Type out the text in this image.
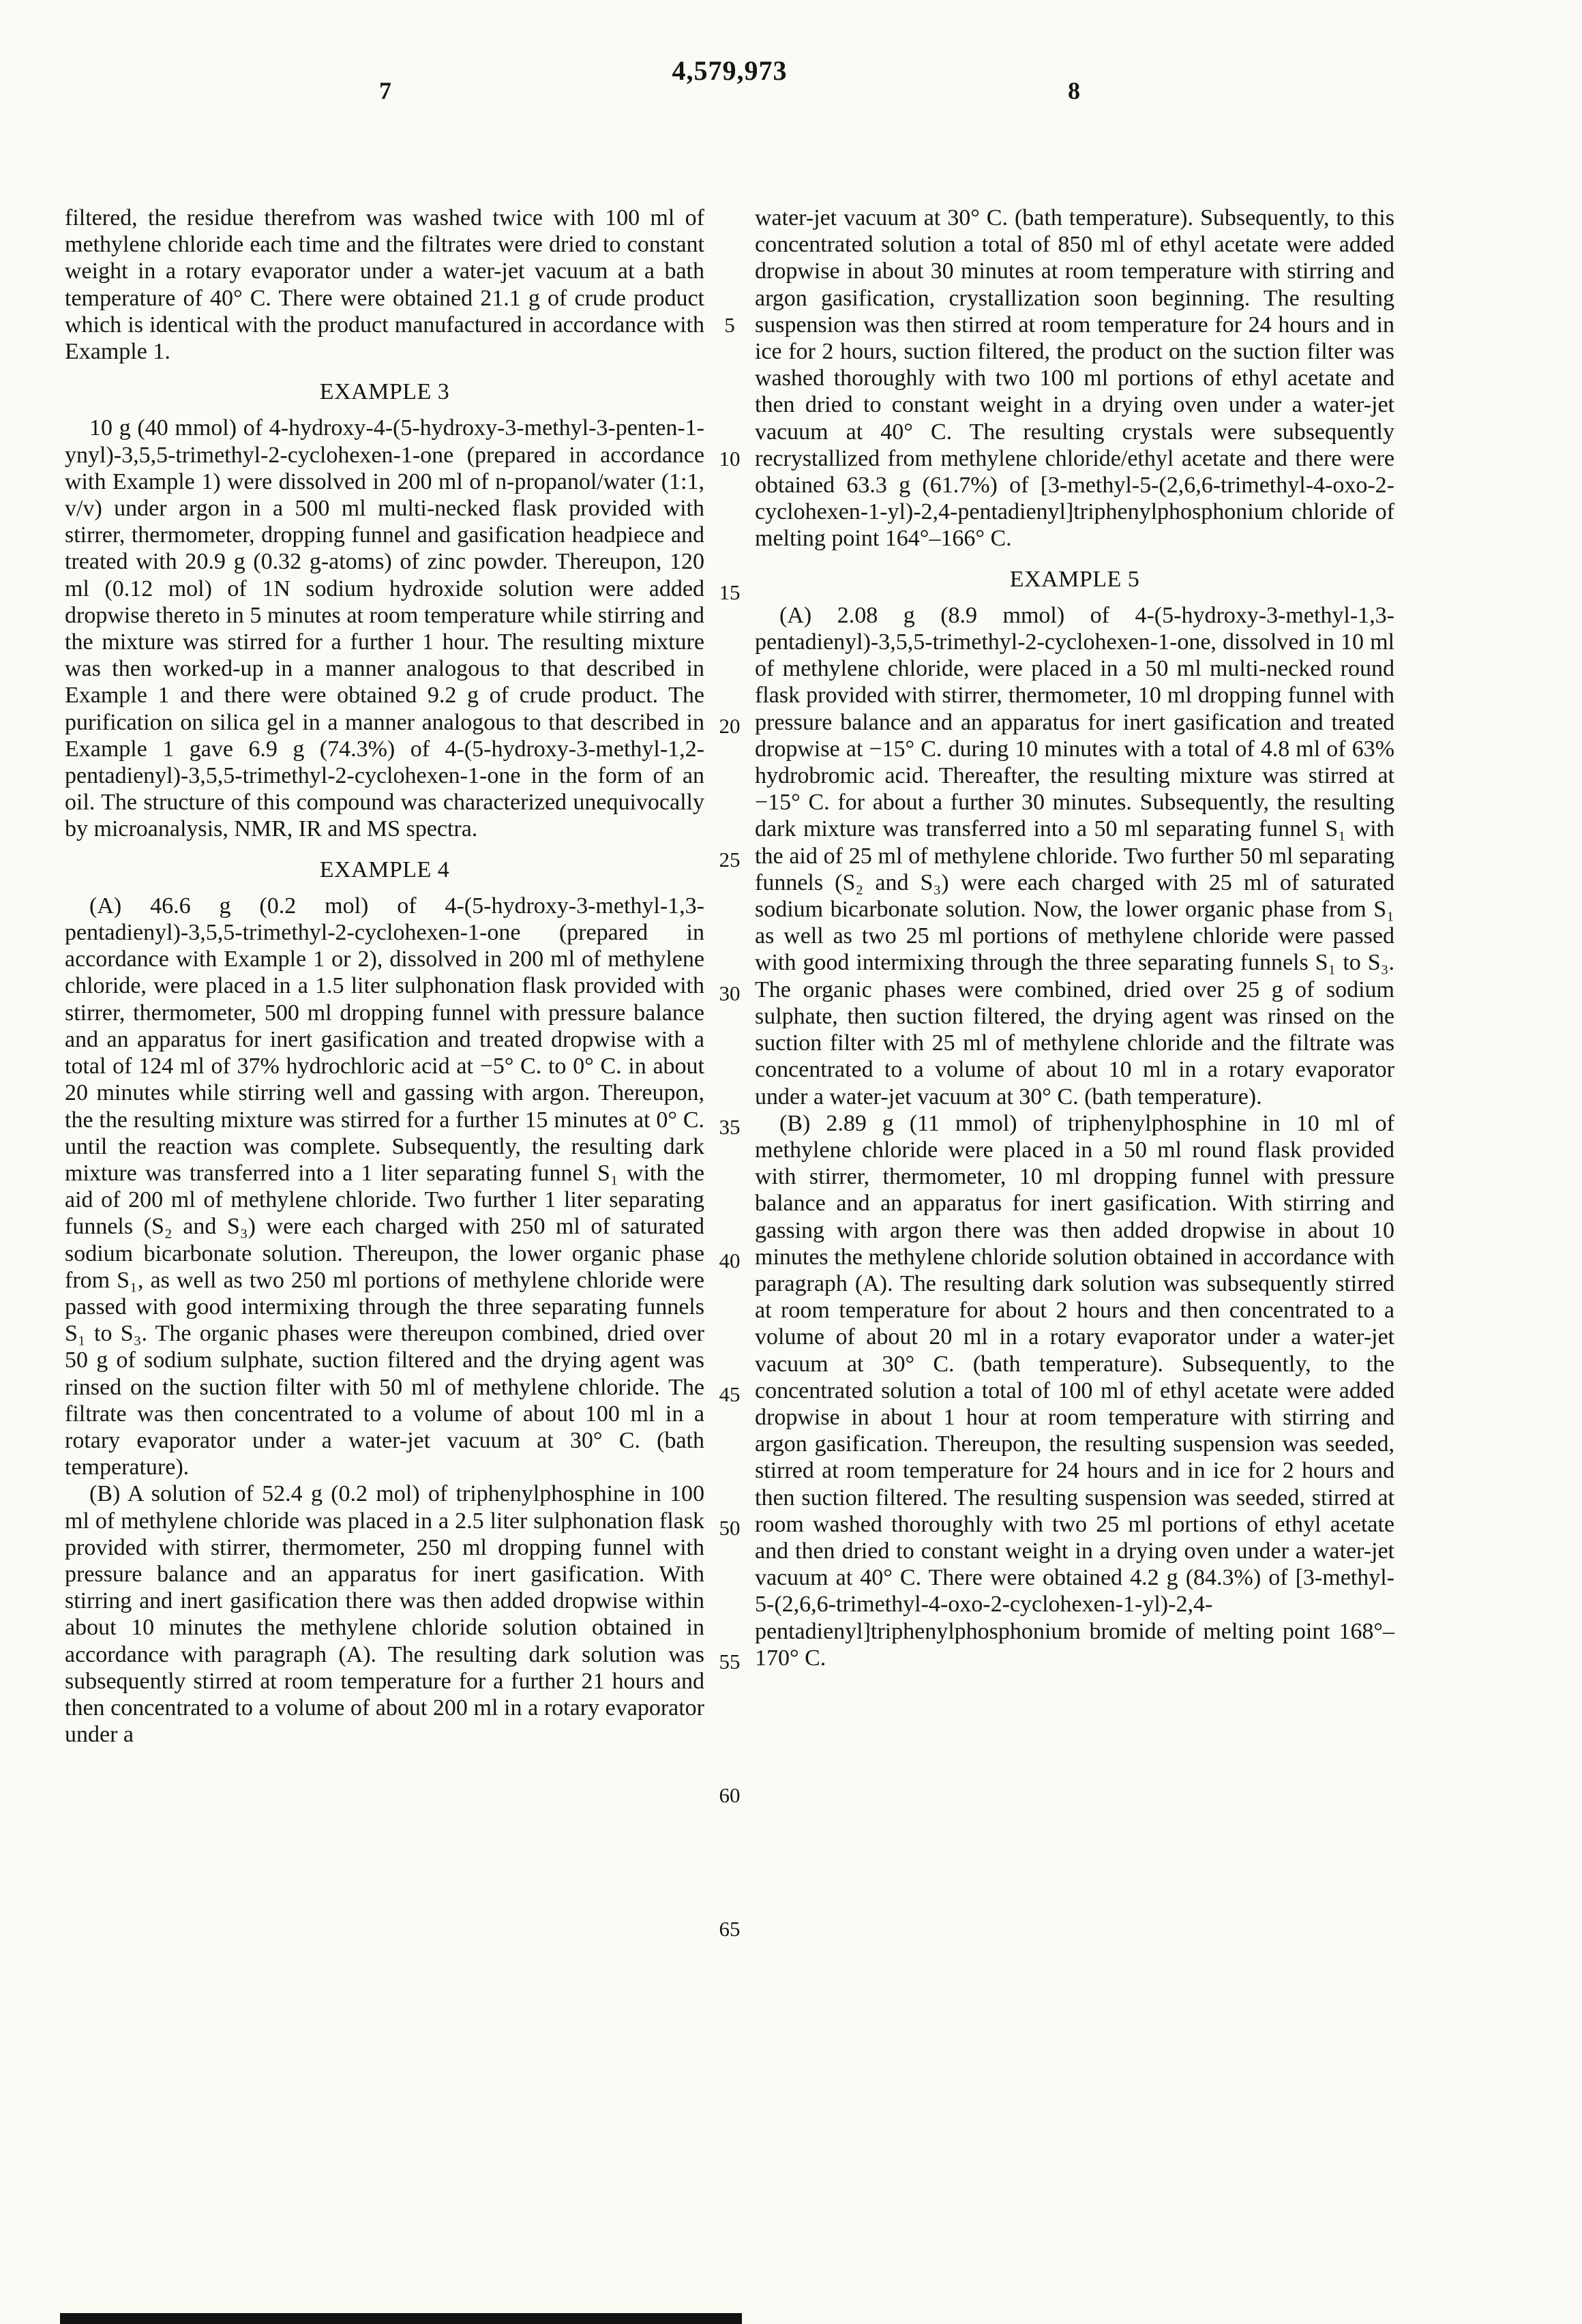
4,579,973
7	8

filtered, the residue therefrom was washed twice with 100 ml of methylene chloride each time and the filtrates were dried to constant weight in a rotary evaporator under a water-jet vacuum at a bath temperature of 40° C. There were obtained 21.1 g of crude product which is identical with the product manufactured in accordance with Example 1.

EXAMPLE 3

10 g (40 mmol) of 4-hydroxy-4-(5-hydroxy-3-methyl-3-penten-1-ynyl)-3,5,5-trimethyl-2-cyclohexen-1-one (prepared in accordance with Example 1) were dissolved in 200 ml of n-propanol/water (1:1, v/v) under argon in a 500 ml multi-necked flask provided with stirrer, thermometer, dropping funnel and gasification headpiece and treated with 20.9 g (0.32 g-atoms) of zinc powder. Thereupon, 120 ml (0.12 mol) of 1N sodium hydroxide solution were added dropwise thereto in 5 minutes at room temperature while stirring and the mixture was stirred for a further 1 hour. The resulting mixture was then worked-up in a manner analogous to that described in Example 1 and there were obtained 9.2 g of crude product. The purification on silica gel in a manner analogous to that described in Example 1 gave 6.9 g (74.3%) of 4-(5-hydroxy-3-methyl-1,2-pentadienyl)-3,5,5-trimethyl-2-cyclohexen-1-one in the form of an oil. The structure of this compound was characterized unequivocally by microanalysis, NMR, IR and MS spectra.

EXAMPLE 4

(A) 46.6 g (0.2 mol) of 4-(5-hydroxy-3-methyl-1,3-pentadienyl)-3,5,5-trimethyl-2-cyclohexen-1-one (prepared in accordance with Example 1 or 2), dissolved in 200 ml of methylene chloride, were placed in a 1.5 liter sulphonation flask provided with stirrer, thermometer, 500 ml dropping funnel with pressure balance and an apparatus for inert gasification and treated dropwise with a total of 124 ml of 37% hydrochloric acid at −5° C. to 0° C. in about 20 minutes while stirring well and gassing with argon. Thereupon, the the resulting mixture was stirred for a further 15 minutes at 0° C. until the reaction was complete. Subsequently, the resulting dark mixture was transferred into a 1 liter separating funnel S₁ with the aid of 200 ml of methylene chloride. Two further 1 liter separating funnels (S₂ and S₃) were each charged with 250 ml of saturated sodium bicarbonate solution. Thereupon, the lower organic phase from S₁, as well as two 250 ml portions of methylene chloride were passed with good intermixing through the three separating funnels S₁ to S₃. The organic phases were thereupon combined, dried over 50 g of sodium sulphate, suction filtered and the drying agent was rinsed on the suction filter with 50 ml of methylene chloride. The filtrate was then concentrated to a volume of about 100 ml in a rotary evaporator under a water-jet vacuum at 30° C. (bath temperature).

(B) A solution of 52.4 g (0.2 mol) of triphenylphosphine in 100 ml of methylene chloride was placed in a 2.5 liter sulphonation flask provided with stirrer, thermometer, 250 ml dropping funnel with pressure balance and an apparatus for inert gasification. With stirring and inert gasification there was then added dropwise within about 10 minutes the methylene chloride solution obtained in accordance with paragraph (A). The resulting dark solution was subsequently stirred at room temperature for a further 21 hours and then concentrated to a volume of about 200 ml in a rotary evaporator under a

5
10
15
20
25
30
35
40
45
50
55
60
65

water-jet vacuum at 30° C. (bath temperature). Subsequently, to this concentrated solution a total of 850 ml of ethyl acetate were added dropwise in about 30 minutes at room temperature with stirring and argon gasification, crystallization soon beginning. The resulting suspension was then stirred at room temperature for 24 hours and in ice for 2 hours, suction filtered, the product on the suction filter was washed thoroughly with two 100 ml portions of ethyl acetate and then dried to constant weight in a drying oven under a water-jet vacuum at 40° C. The resulting crystals were subsequently recrystallized from methylene chloride/ethyl acetate and there were obtained 63.3 g (61.7%) of [3-methyl-5-(2,6,6-trimethyl-4-oxo-2-cyclohexen-1-yl)-2,4-pentadienyl]triphenylphosphonium chloride of melting point 164°–166° C.

EXAMPLE 5

(A) 2.08 g (8.9 mmol) of 4-(5-hydroxy-3-methyl-1,3-pentadienyl)-3,5,5-trimethyl-2-cyclohexen-1-one, dissolved in 10 ml of methylene chloride, were placed in a 50 ml multi-necked round flask provided with stirrer, thermometer, 10 ml dropping funnel with pressure balance and an apparatus for inert gasification and treated dropwise at −15° C. during 10 minutes with a total of 4.8 ml of 63% hydrobromic acid. Thereafter, the resulting mixture was stirred at −15° C. for about a further 30 minutes. Subsequently, the resulting dark mixture was transferred into a 50 ml separating funnel S₁ with the aid of 25 ml of methylene chloride. Two further 50 ml separating funnels (S₂ and S₃) were each charged with 25 ml of saturated sodium bicarbonate solution. Now, the lower organic phase from S₁ as well as two 25 ml portions of methylene chloride were passed with good intermixing through the three separating funnels S₁ to S₃. The organic phases were combined, dried over 25 g of sodium sulphate, then suction filtered, the drying agent was rinsed on the suction filter with 25 ml of methylene chloride and the filtrate was concentrated to a volume of about 10 ml in a rotary evaporator under a water-jet vacuum at 30° C. (bath temperature).

(B) 2.89 g (11 mmol) of triphenylphosphine in 10 ml of methylene chloride were placed in a 50 ml round flask provided with stirrer, thermometer, 10 ml dropping funnel with pressure balance and an apparatus for inert gasification. With stirring and gassing with argon there was then added dropwise in about 10 minutes the methylene chloride solution obtained in accordance with paragraph (A). The resulting dark solution was subsequently stirred at room temperature for about 2 hours and then concentrated to a volume of about 20 ml in a rotary evaporator under a water-jet vacuum at 30° C. (bath temperature). Subsequently, to the concentrated solution a total of 100 ml of ethyl acetate were added dropwise in about 1 hour at room temperature with stirring and argon gasification. Thereupon, the resulting suspension was seeded, stirred at room temperature for 24 hours and in ice for 2 hours and then suction filtered. The resulting suspension was seeded, stirred at room washed thoroughly with two 25 ml portions of ethyl acetate and then dried to constant weight in a drying oven under a water-jet vacuum at 40° C. There were obtained 4.2 g (84.3%) of [3-methyl-5-(2,6,6-trimethyl-4-oxo-2-cyclohexen-1-yl)-2,4-pentadienyl]triphenylphosphonium bromide of melting point 168°–170° C.
